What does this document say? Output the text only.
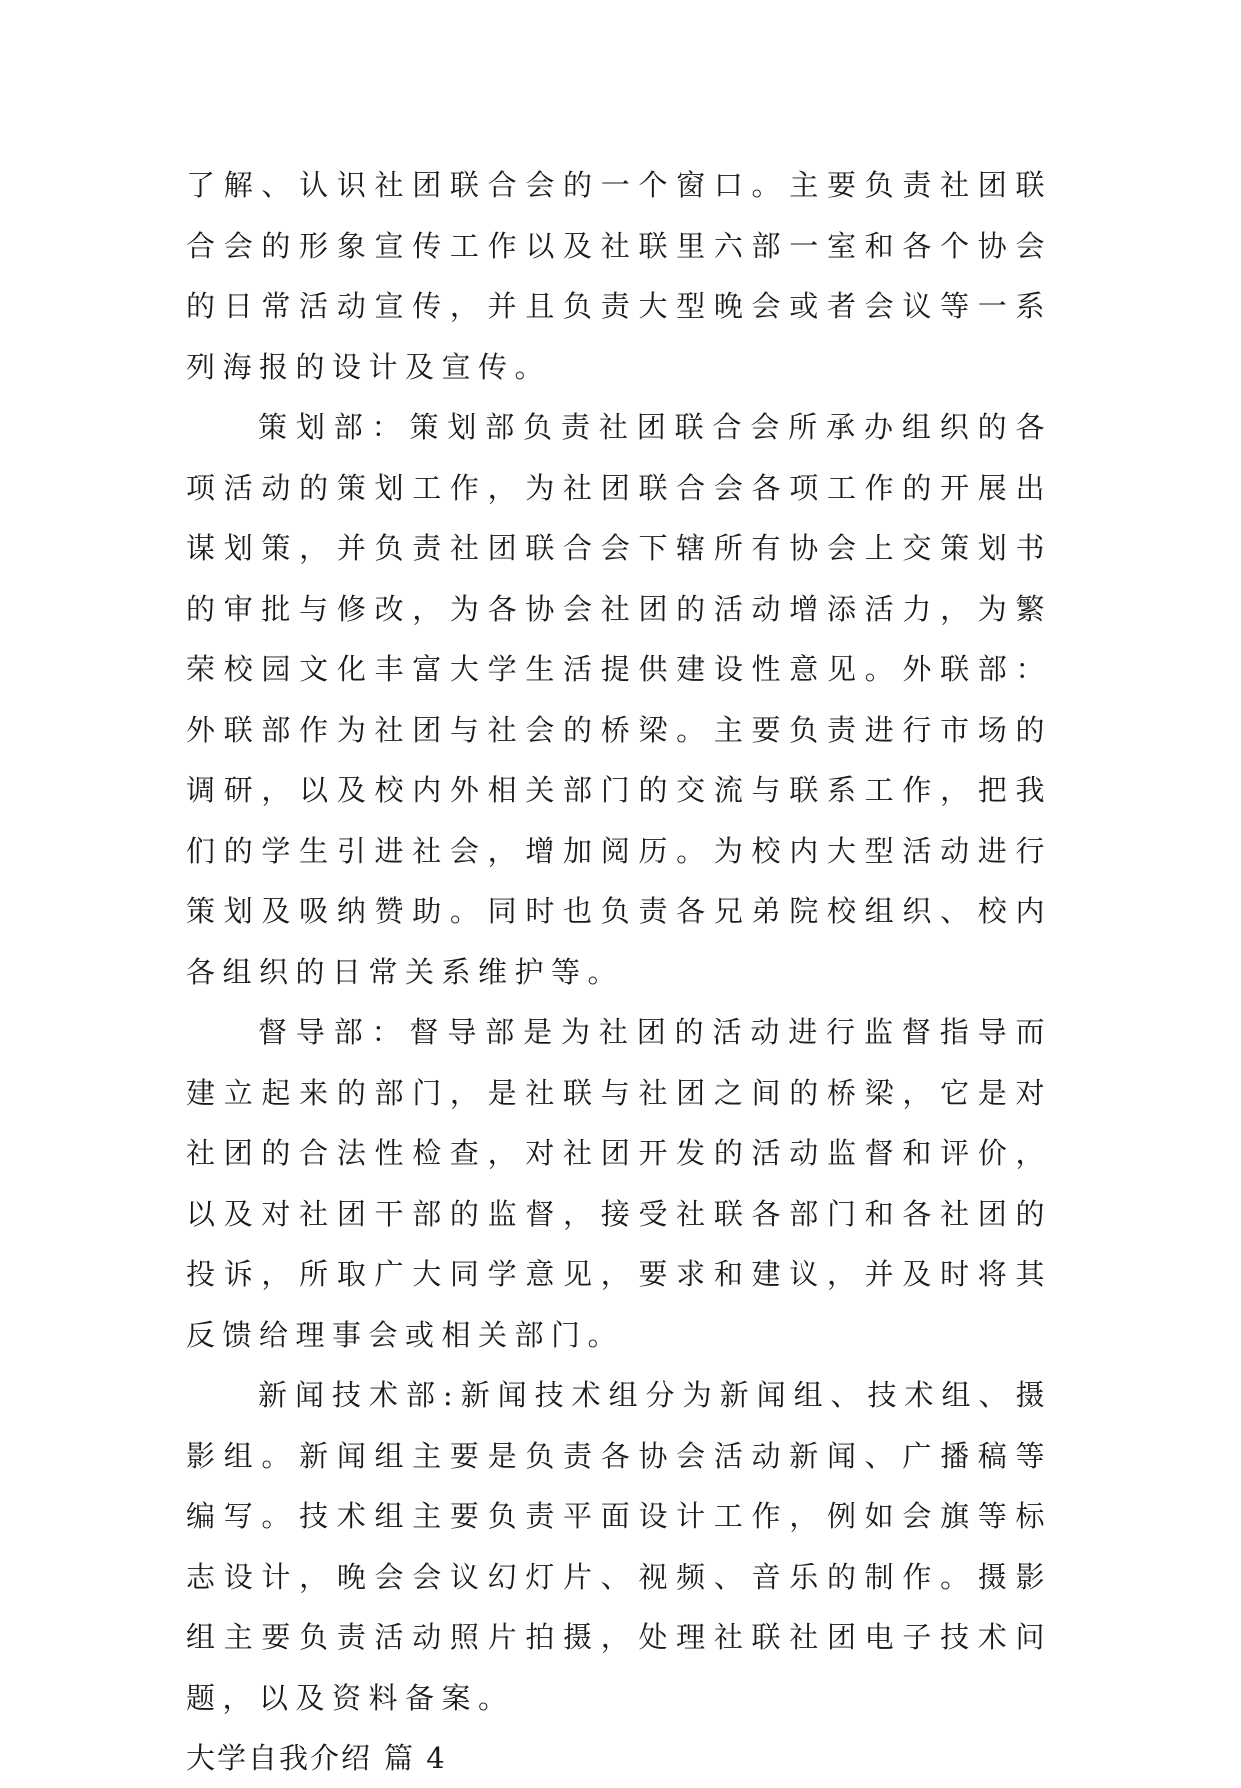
了解、认识社团联合会的一个窗口。主要负责社团联合会的形象宣传工作以及社联里六部一室和各个协会的日常活动宣传，并且负责大型晚会或者会议等一系列海报的设计及宣传。

策划部：策划部负责社团联合会所承办组织的各项活动的策划工作，为社团联合会各项工作的开展出谋划策，并负责社团联合会下辖所有协会上交策划书的审批与修改，为各协会社团的活动增添活力，为繁荣校园文化丰富大学生活提供建设性意见。外联部：外联部作为社团与社会的桥梁。主要负责进行市场的调研，以及校内外相关部门的交流与联系工作，把我们的学生引进社会，增加阅历。为校内大型活动进行策划及吸纳赞助。同时也负责各兄弟院校组织、校内各组织的日常关系维护等。

督导部：督导部是为社团的活动进行监督指导而建立起来的部门，是社联与社团之间的桥梁，它是对社团的合法性检查，对社团开发的活动监督和评价，以及对社团干部的监督，接受社联各部门和各社团的投诉，所取广大同学意见，要求和建议，并及时将其反馈给理事会或相关部门。

新闻技术部:新闻技术组分为新闻组、技术组、摄影组。新闻组主要是负责各协会活动新闻、广播稿等编写。技术组主要负责平面设计工作，例如会旗等标志设计，晚会会议幻灯片、视频、音乐的制作。摄影组主要负责活动照片拍摄，处理社联社团电子技术问题，以及资料备案。

大学自我介绍 篇 4
